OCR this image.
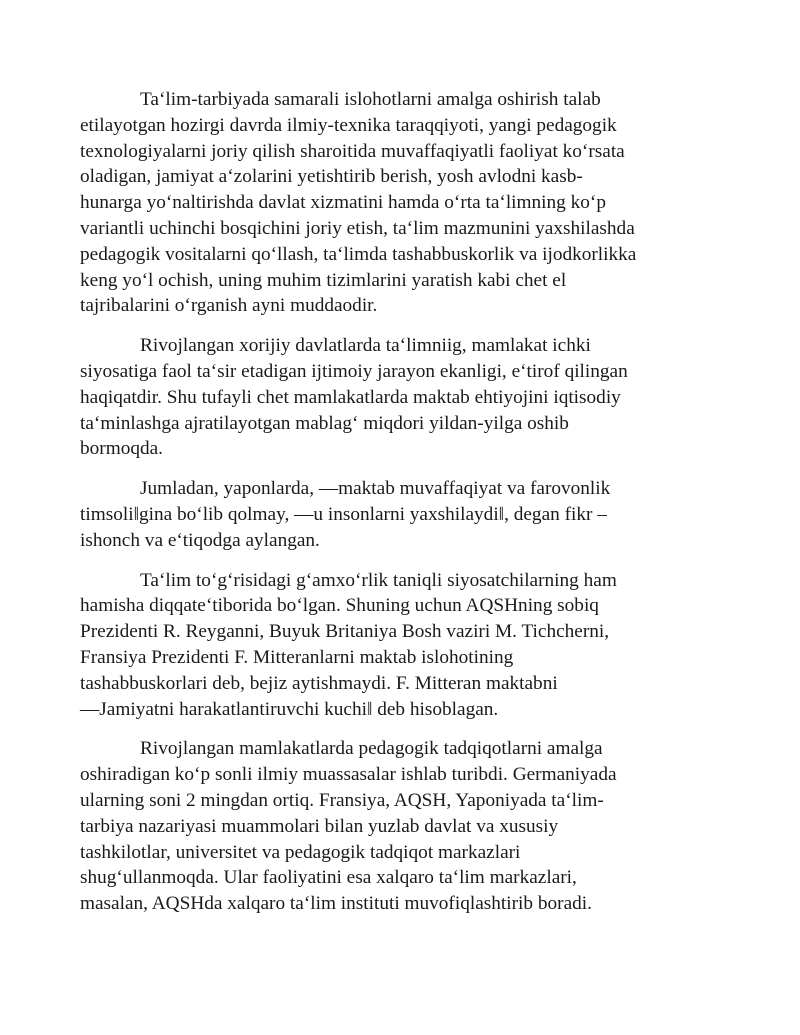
Ta‘lim-tarbiyada samarali islohotlarni amalga oshirish talab
etilayotgan hozirgi davrda ilmiy-texnika taraqqiyoti, yangi pedagogik
texnologiyalarni joriy qilish sharoitida muvaffaqiyatli faoliyat ko‘rsata
oladigan, jamiyat a‘zolarini yetishtirib berish, yosh avlodni kasb-
hunarga yo‘naltirishda davlat xizmatini hamda o‘rta ta‘limning ko‘p
variantli uchinchi bosqichini joriy etish, ta‘lim mazmunini yaxshilashda
pedagogik vositalarni qo‘llash, ta‘limda tashabbuskorlik va ijodkorlikka
keng yo‘l ochish, uning muhim tizimlarini yaratish kabi chet el
tajribalarini o‘rganish ayni muddaodir.

Rivojlangan xorijiy davlatlarda ta‘limniig, mamlakat ichki
siyosatiga faol ta‘sir etadigan ijtimoiy jarayon ekanligi, e‘tirof qilingan
haqiqatdir. Shu tufayli chet mamlakatlarda maktab ehtiyojini iqtisodiy
ta‘minlashga ajratilayotgan mablag‘ miqdori yildan-yilga oshib
bormoqda.

Jumladan, yaponlarda, ―maktab muvaffaqiyat va farovonlik
timsoli‖gina bo‘lib qolmay, ―u insonlarni yaxshilaydi‖, degan fikr –
ishonch va e‘tiqodga aylangan.

Ta‘lim to‘g‘risidagi g‘amxo‘rlik taniqli siyosatchilarning ham
hamisha diqqate‘tiborida bo‘lgan. Shuning uchun AQSHning sobiq
Prezidenti R. Reyganni, Buyuk Britaniya Bosh vaziri M. Tichcherni,
Fransiya Prezidenti F. Mitteranlarni maktab islohotining
tashabbuskorlari deb, bejiz aytishmaydi. F. Mitteran maktabni
―Jamiyatni harakatlantiruvchi kuchi‖ deb hisoblagan.

Rivojlangan mamlakatlarda pedagogik tadqiqotlarni amalga
oshiradigan ko‘p sonli ilmiy muassasalar ishlab turibdi. Germaniyada
ularning soni 2 mingdan ortiq. Fransiya, AQSH, Yaponiyada ta‘lim-
tarbiya nazariyasi muammolari bilan yuzlab davlat va xususiy
tashkilotlar, universitet va pedagogik tadqiqot markazlari
shug‘ullanmoqda. Ular faoliyatini esa xalqaro ta‘lim markazlari,
masalan, AQSHda xalqaro ta‘lim instituti muvofiqlashtirib boradi.
